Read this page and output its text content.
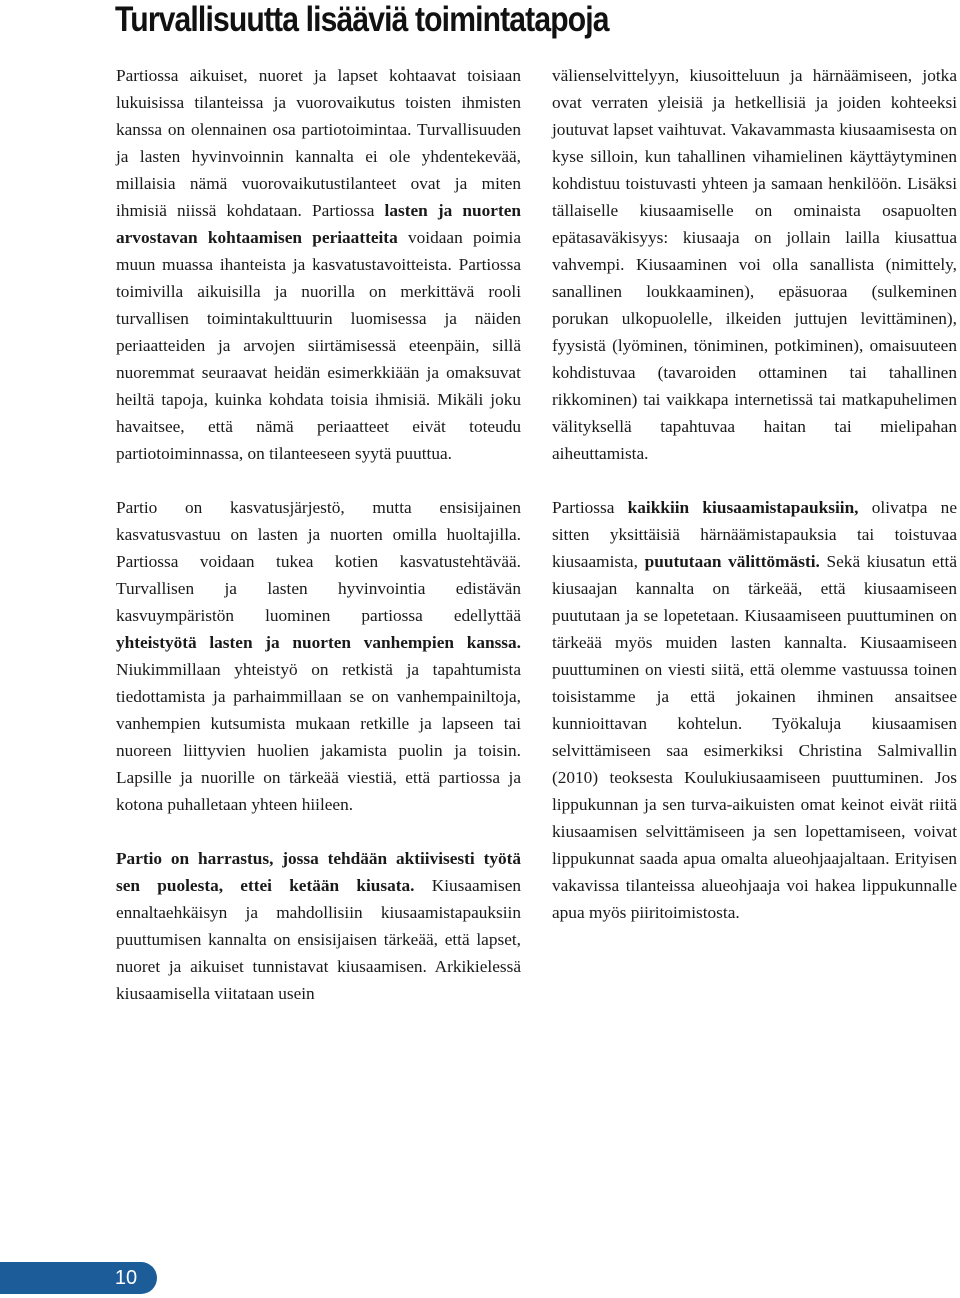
Turvallisuutta lisääviä toimintatapoja

Partiossa aikuiset, nuoret ja lapset kohtaavat toisiaan lukuisissa tilanteissa ja vuorovaikutus toisten ihmisten kanssa on olennainen osa partiotoimintaa. Turvallisuuden ja lasten hyvinvoinnin kannalta ei ole yhdentekevää, millaisia nämä vuorovaikutustilanteet ovat ja miten ihmisiä niissä kohdataan. Partiossa lasten ja nuorten arvostavan kohtaamisen periaatteita voidaan poimia muun muassa ihanteista ja kasvatustavoitteista. Partiossa toimivilla aikuisilla ja nuorilla on merkittävä rooli turvallisen toimintakulttuurin luomisessa ja näiden periaatteiden ja arvojen siirtämisessä eteenpäin, sillä nuoremmat seuraavat heidän esimerkkiään ja omaksuvat heiltä tapoja, kuinka kohdata toisia ihmisiä. Mikäli joku havaitsee, että nämä periaatteet eivät toteudu partiotoiminnassa, on tilanteeseen syytä puuttua.

Partio on kasvatusjärjestö, mutta ensisijainen kasvatusvastuu on lasten ja nuorten omilla huoltajilla. Partiossa voidaan tukea kotien kasvatustehtävää. Turvallisen ja lasten hyvinvointia edistävän kasvuympäristön luominen partiossa edellyttää yhteistyötä lasten ja nuorten vanhempien kanssa. Niukimmillaan yhteistyö on retkistä ja tapahtumista tiedottamista ja parhaimmillaan se on vanhempainiltoja, vanhempien kutsumista mukaan retkille ja lapseen tai nuoreen liittyvien huolien jakamista puolin ja toisin. Lapsille ja nuorille on tärkeää viestiä, että partiossa ja kotona puhalletaan yhteen hiileen.

Partio on harrastus, jossa tehdään aktiivisesti työtä sen puolesta, ettei ketään kiusata. Kiusaamisen ennaltaehkäisyn ja mahdollisiin kiusaamistapauksiin puuttumisen kannalta on ensisijaisen tärkeää, että lapset, nuoret ja aikuiset tunnistavat kiusaamisen. Arkikielessä kiusaamisella viitataan usein

välienselvittelyyn, kiusoitteluun ja härnäämiseen, jotka ovat verraten yleisiä ja hetkellisiä ja joiden kohteeksi joutuvat lapset vaihtuvat. Vakavammasta kiusaamisesta on kyse silloin, kun tahallinen vihamielinen käyttäytyminen kohdistuu toistuvasti yhteen ja samaan henkilöön. Lisäksi tällaiselle kiusaamiselle on ominaista osapuolten epätasaväkisyys: kiusaaja on jollain lailla kiusattua vahvempi. Kiusaaminen voi olla sanallista (nimittely, sanallinen loukkaaminen), epäsuoraa (sulkeminen porukan ulkopuolelle, ilkeiden juttujen levittäminen), fyysistä (lyöminen, töniminen, potkiminen), omaisuuteen kohdistuvaa (tavaroiden ottaminen tai tahallinen rikkominen) tai vaikkapa internetissä tai matkapuhelimen välityksellä tapahtuvaa haitan tai mielipahan aiheuttamista.

Partiossa kaikkiin kiusaamistapauksiin, olivatpa ne sitten yksittäisiä härnäämistapauksia tai toistuvaa kiusaamista, puututaan välittömästi. Sekä kiusatun että kiusaajan kannalta on tärkeää, että kiusaamiseen puututaan ja se lopetetaan. Kiusaamiseen puuttuminen on tärkeää myös muiden lasten kannalta. Kiusaamiseen puuttuminen on viesti siitä, että olemme vastuussa toinen toisistamme ja että jokainen ihminen ansaitsee kunnioittavan kohtelun. Työkaluja kiusaamisen selvittämiseen saa esimerkiksi Christina Salmivallin (2010) teoksesta Koulukiusaamiseen puuttuminen. Jos lippukunnan ja sen turva-aikuisten omat keinot eivät riitä kiusaamisen selvittämiseen ja sen lopettamiseen, voivat lippukunnat saada apua omalta alueohjaajaltaan. Erityisen vakavissa tilanteissa alueohjaaja voi hakea lippukunnalle apua myös piiritoimistosta.

10
